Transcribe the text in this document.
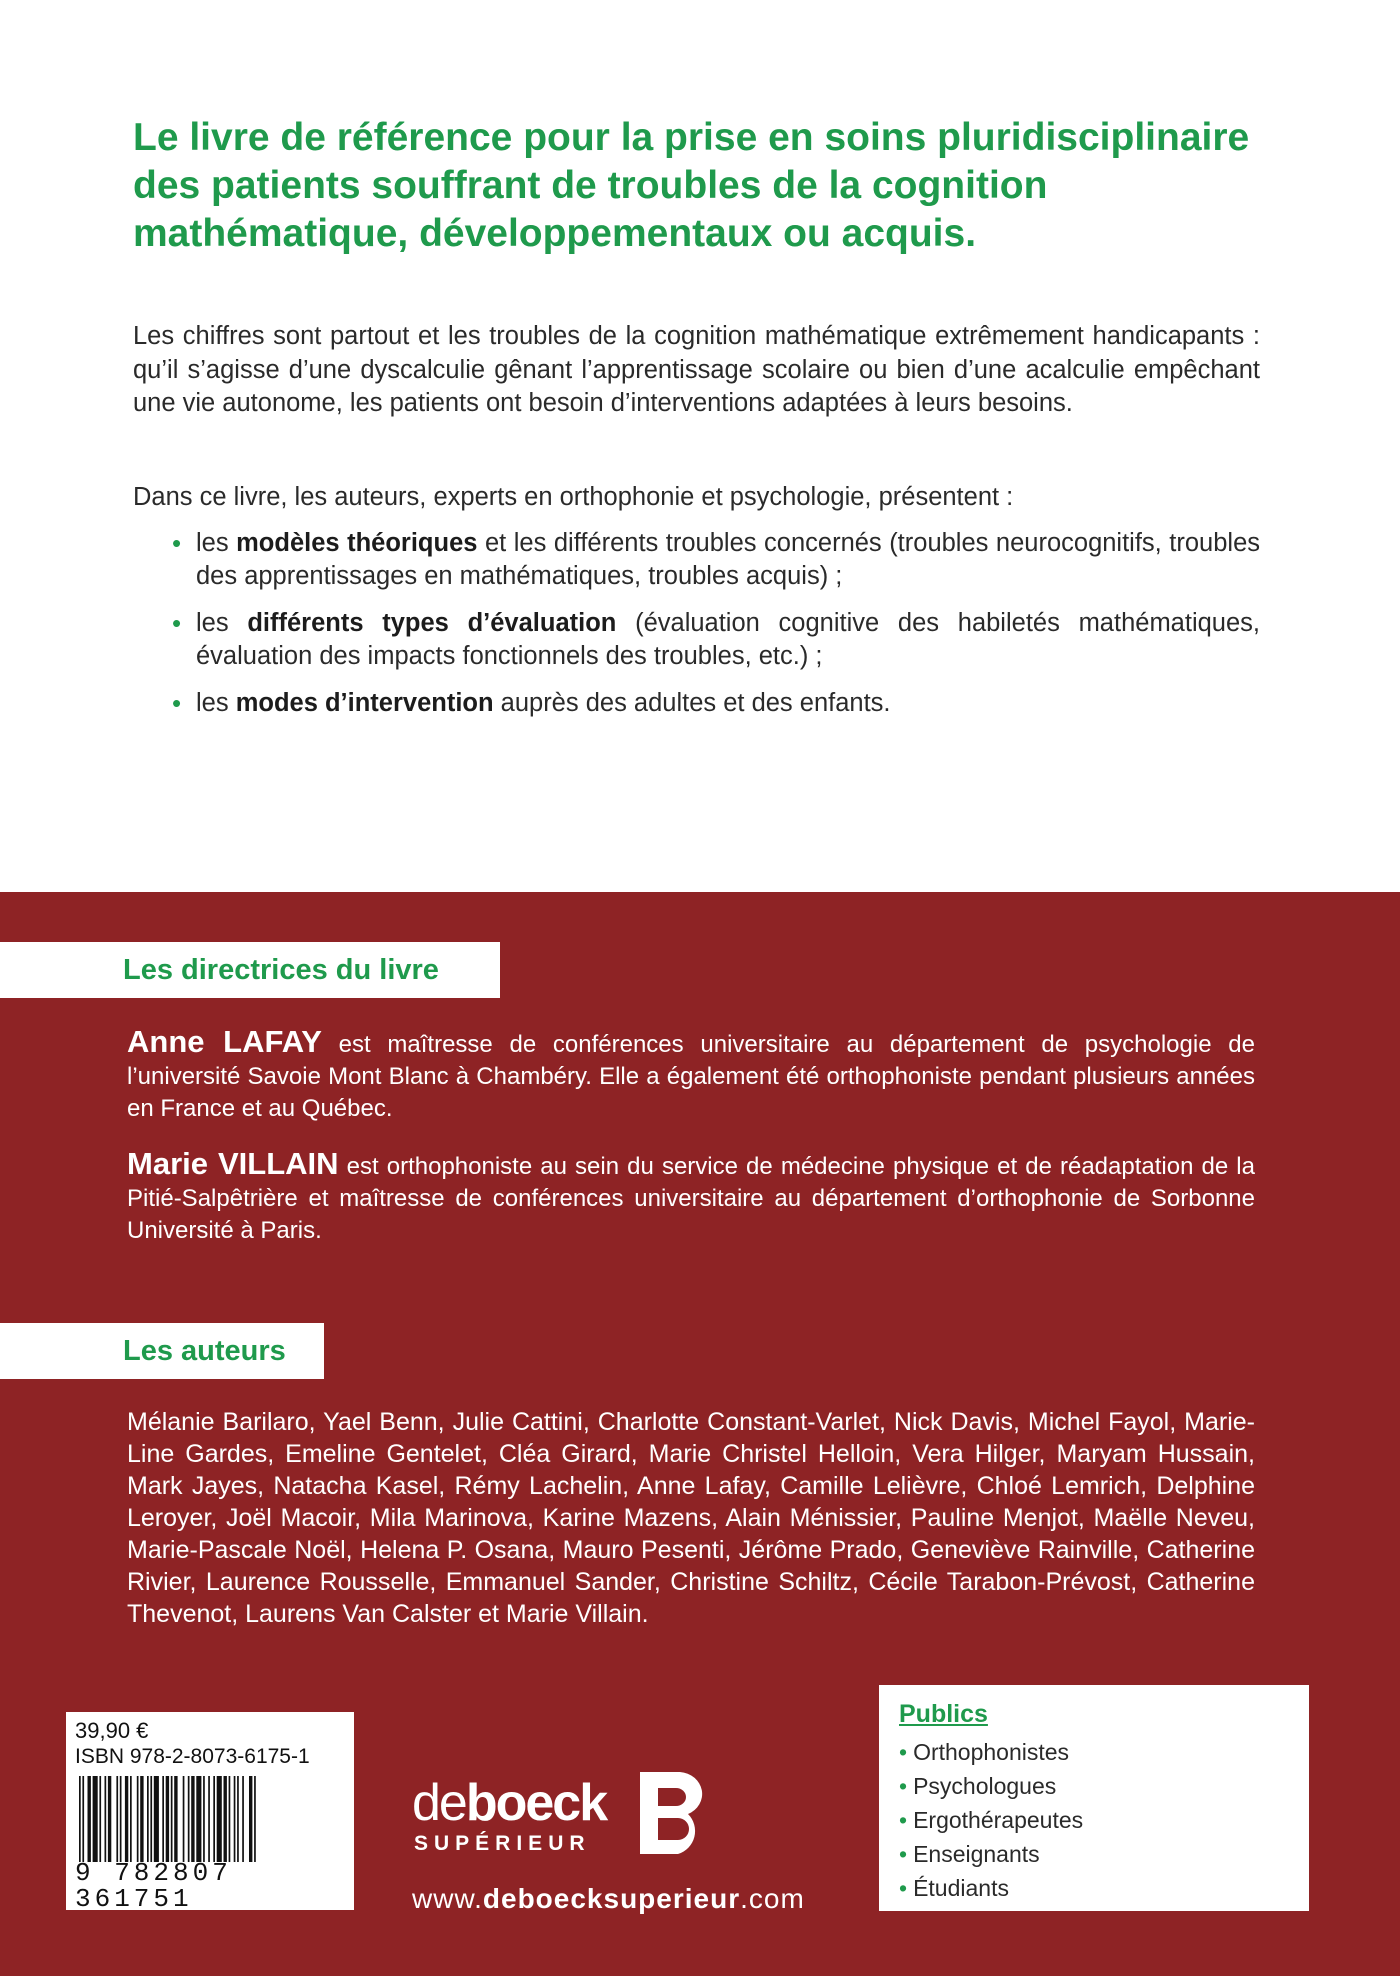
Le livre de référence pour la prise en soins pluridisciplinaire des patients souffrant de troubles de la cognition mathématique, développementaux ou acquis.

Les chiffres sont partout et les troubles de la cognition mathématique extrêmement handicapants : qu’il s’agisse d’une dyscalculie gênant l’apprentissage scolaire ou bien d’une acalculie empêchant une vie autonome, les patients ont besoin d’interventions adaptées à leurs besoins.

Dans ce livre, les auteurs, experts en orthophonie et psychologie, présentent :

• les modèles théoriques et les différents troubles concernés (troubles neurocognitifs, troubles des apprentissages en mathématiques, troubles acquis) ;
• les différents types d’évaluation (évaluation cognitive des habiletés mathématiques, évaluation des impacts fonctionnels des troubles, etc.) ;
• les modes d’intervention auprès des adultes et des enfants.
Les directrices du livre

Anne LAFAY est maîtresse de conférences universitaire au département de psychologie de l’université Savoie Mont Blanc à Chambéry. Elle a également été orthophoniste pendant plusieurs années en France et au Québec.

Marie VILLAIN est orthophoniste au sein du service de médecine physique et de réadaptation de la Pitié-Salpêtrière et maîtresse de conférences universitaire au département d’orthophonie de Sorbonne Université à Paris.

Les auteurs

Mélanie Barilaro, Yael Benn, Julie Cattini, Charlotte Constant-Varlet, Nick Davis, Michel Fayol, Marie-Line Gardes, Emeline Gentelet, Cléa Girard, Marie Christel Helloin, Vera Hilger, Maryam Hussain, Mark Jayes, Natacha Kasel, Rémy Lachelin, Anne Lafay, Camille Lelièvre, Chloé Lemrich, Delphine Leroyer, Joël Macoir, Mila Marinova, Karine Mazens, Alain Ménissier, Pauline Menjot, Maëlle Neveu, Marie-Pascale Noël, Helena P. Osana, Mauro Pesenti, Jérôme Prado, Geneviève Rainville, Catherine Rivier, Laurence Rousselle, Emmanuel Sander, Christine Schiltz, Cécile Tarabon-Prévost, Catherine Thevenot, Laurens Van Calster et Marie Villain.

39,90 €
ISBN 978-2-8073-6175-1
9 782807 361751
deboeck
SUPÉRIEUR
www.deboecksuperieur.com
Publics
• Orthophonistes
• Psychologues
• Ergothérapeutes
• Enseignants
• Étudiants
